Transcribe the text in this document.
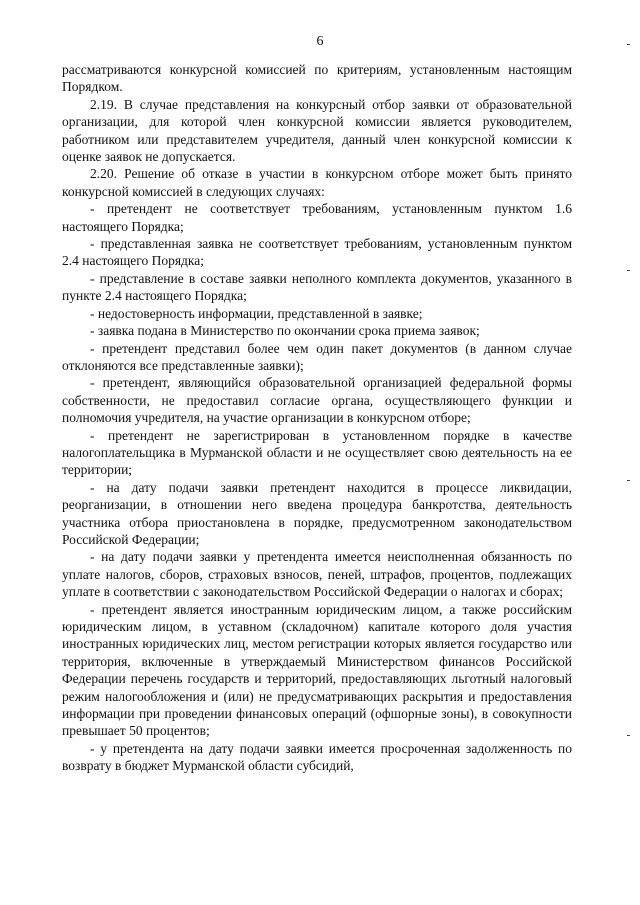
6

рассматриваются конкурсной комиссией по критериям, установленным настоящим Порядком.

2.19. В случае представления на конкурсный отбор заявки от образовательной организации, для которой член конкурсной комиссии является руководителем, работником или представителем учредителя, данный член конкурсной комиссии к оценке заявок не допускается.

2.20. Решение об отказе в участии в конкурсном отборе может быть принято конкурсной комиссией в следующих случаях:

- претендент не соответствует требованиям, установленным пунктом 1.6 настоящего Порядка;

- представленная заявка не соответствует требованиям, установленным пунктом 2.4 настоящего Порядка;

- представление в составе заявки неполного комплекта документов, указанного в пункте 2.4 настоящего Порядка;

- недостоверность информации, представленной в заявке;

- заявка подана в Министерство по окончании срока приема заявок;

- претендент представил более чем один пакет документов (в данном случае отклоняются все представленные заявки);

- претендент, являющийся образовательной организацией федеральной формы собственности, не предоставил согласие органа, осуществляющего функции и полномочия учредителя, на участие организации в конкурсном отборе;

- претендент не зарегистрирован в установленном порядке в качестве налогоплательщика в Мурманской области и не осуществляет свою деятельность на ее территории;

- на дату подачи заявки претендент находится в процессе ликвидации, реорганизации, в отношении него введена процедура банкротства, деятельность участника отбора приостановлена в порядке, предусмотренном законодательством Российской Федерации;

- на дату подачи заявки у претендента имеется неисполненная обязанность по уплате налогов, сборов, страховых взносов, пеней, штрафов, процентов, подлежащих уплате в соответствии с законодательством Российской Федерации о налогах и сборах;

- претендент является иностранным юридическим лицом, а также российским юридическим лицом, в уставном (складочном) капитале которого доля участия иностранных юридических лиц, местом регистрации которых является государство или территория, включенные в утверждаемый Министерством финансов Российской Федерации перечень государств и территорий, предоставляющих льготный налоговый режим налогообложения и (или) не предусматривающих раскрытия и предоставления информации при проведении финансовых операций (офшорные зоны), в совокупности превышает 50 процентов;

- у претендента на дату подачи заявки имеется просроченная задолженность по возврату в бюджет Мурманской области субсидий,
